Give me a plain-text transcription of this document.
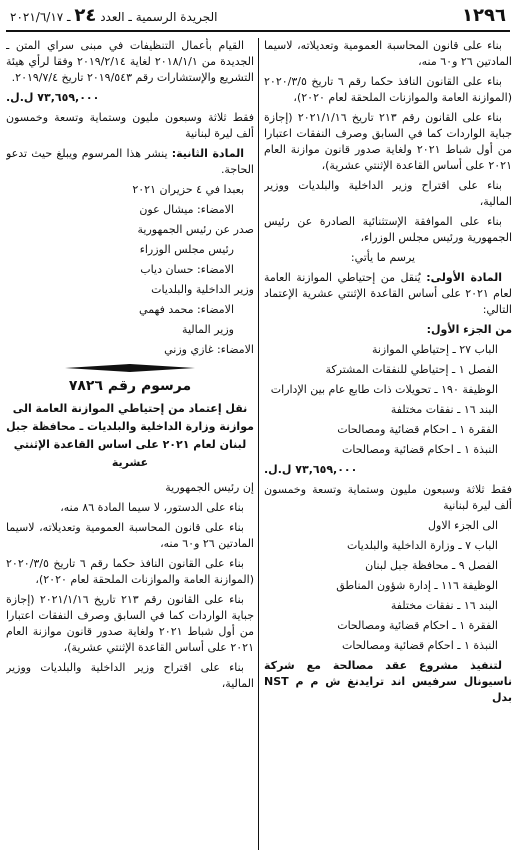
١٢٩٦
الجريدة الرسمية ـ العدد ٢٤ ـ ٢٠٢١/٦/١٧

بناء على قانون المحاسبة العمومية وتعديلاته، لاسيما المادتين ٢٦ و٦٠ منه،

بناء على القانون النافذ حكما رقم ٦ تاريخ ٢٠٢٠/٣/٥ (الموازنة العامة والموازنات الملحقة لعام ٢٠٢٠)،

بناء على القانون رقم ٢١٣ تاريخ ٢٠٢١/١/١٦ (إجازة جباية الواردات كما في السابق وصرف النفقات اعتبارا من أول شباط ٢٠٢١ ولغاية صدور قانون موازنة العام ٢٠٢١ على أساس القاعدة الإثنتي عشرية)،

بناء على اقتراح وزير الداخلية والبلديات ووزير المالية،

بناء على الموافقة الإستثنائية الصادرة عن رئيس الجمهورية ورئيس مجلس الوزراء،

يرسم ما يأتي:

المادة الأولى: يُنقل من إحتياطي الموازنة العامة لعام ٢٠٢١ على أساس القاعدة الإثنتي عشرية الإعتماد التالي:

من الجزء الأول:

الباب ٢٧ ـ إحتياطي الموازنة

الفصل ١ ـ إحتياطي للنفقات المشتركة

الوظيفة ١٩٠ ـ تحويلات ذات طابع عام بين الإدارات

البند ١٦ ـ نفقات مختلفة

الفقرة ١ ـ احكام قضائية ومصالحات

النبذة ١ ـ احكام قضائية ومصالحات

٧٣,٦٥٩,٠٠٠ ل.ل.

فقط ثلاثة وسبعون مليون وستماية وتسعة وخمسون ألف ليرة لبنانية

الى الجزء الاول

الباب ٧ ـ وزارة الداخلية والبلديات

الفصل ٩ ـ محافظة جبل لبنان

الوظيفة ١١٦ ـ إدارة شؤون المناطق

البند ١٦ ـ نفقات مختلفة

الفقرة ١ ـ احكام قضائية ومصالحات

النبذة ١ ـ احكام قضائية ومصالحات

لتنفيذ مشروع عقد مصالحة مع شركة ناسيونال سرفيس اند ترايدنغ ش م م NST بدل

القيام بأعمال التنظيفات في مبنى سراي المتن ـ الجديدة من ٢٠١٨/١/١ لغاية ٢٠١٩/٢/١٤ وفقا لرأي هيئة التشريع والإستشارات رقم ٢٠١٩/٥٤٣ تاريخ ٢٠١٩/٧/٤.

٧٣,٦٥٩,٠٠٠ ل.ل.

فقط ثلاثة وسبعون مليون وستماية وتسعة وخمسون ألف ليرة لبنانية

المادة الثانية: ينشر هذا المرسوم ويبلغ حيث تدعو الحاجة.

بعبدا في ٤ حزيران ٢٠٢١

الامضاء: ميشال عون

صدر عن رئيس الجمهورية

رئيس مجلس الوزراء

الامضاء: حسان دياب

وزير الداخلية والبلديات

الامضاء: محمد فهمي

وزير المالية

الامضاء: غازي وزني

مرسوم رقم ٧٨٢٦
نقل إعتماد من إحتياطي الموازنة العامة الى موازنة وزارة الداخلية والبلديات ـ محافظة جبل لبنان لعام ٢٠٢١ على اساس القاعدة الإثنتي عشرية

إن رئيس الجمهورية

بناء على الدستور، لا سيما المادة ٨٦ منه،

بناء على قانون المحاسبة العمومية وتعديلاته، لاسيما المادتين ٢٦ و٦٠ منه،

بناء على القانون النافذ حكما رقم ٦ تاريخ ٢٠٢٠/٣/٥ (الموازنة العامة والموازنات الملحقة لعام ٢٠٢٠)،

بناء على القانون رقم ٢١٣ تاريخ ٢٠٢١/١/١٦ (إجازة جباية الواردات كما في السابق وصرف النفقات اعتبارا من أول شباط ٢٠٢١ ولغاية صدور قانون موازنة العام ٢٠٢١ على أساس القاعدة الإثنتي عشرية)،

بناء على اقتراح وزير الداخلية والبلديات ووزير المالية،
